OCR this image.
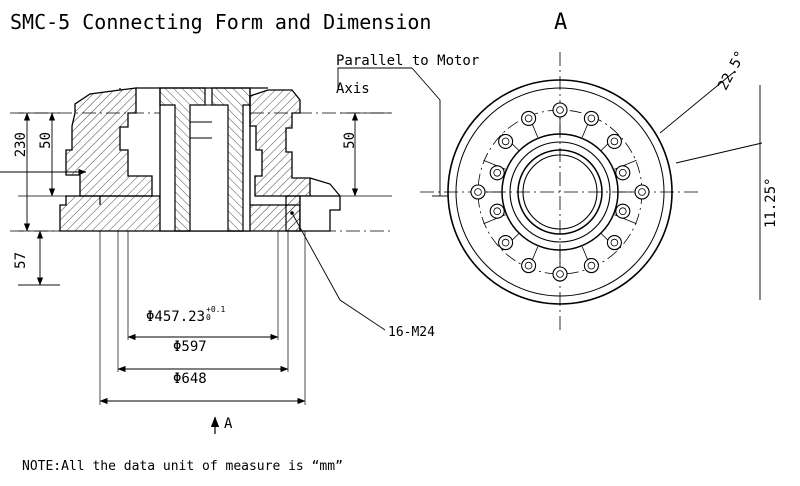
SMC-5 Connecting Form and Dimension	A
Parallel to Motor
Axis
230 50
57
50
Φ457.23 +0.1
0
Φ597
Φ648
16-M24
A
22.5°
11.25°
NOTE:All the data unit of measure is “mm”
